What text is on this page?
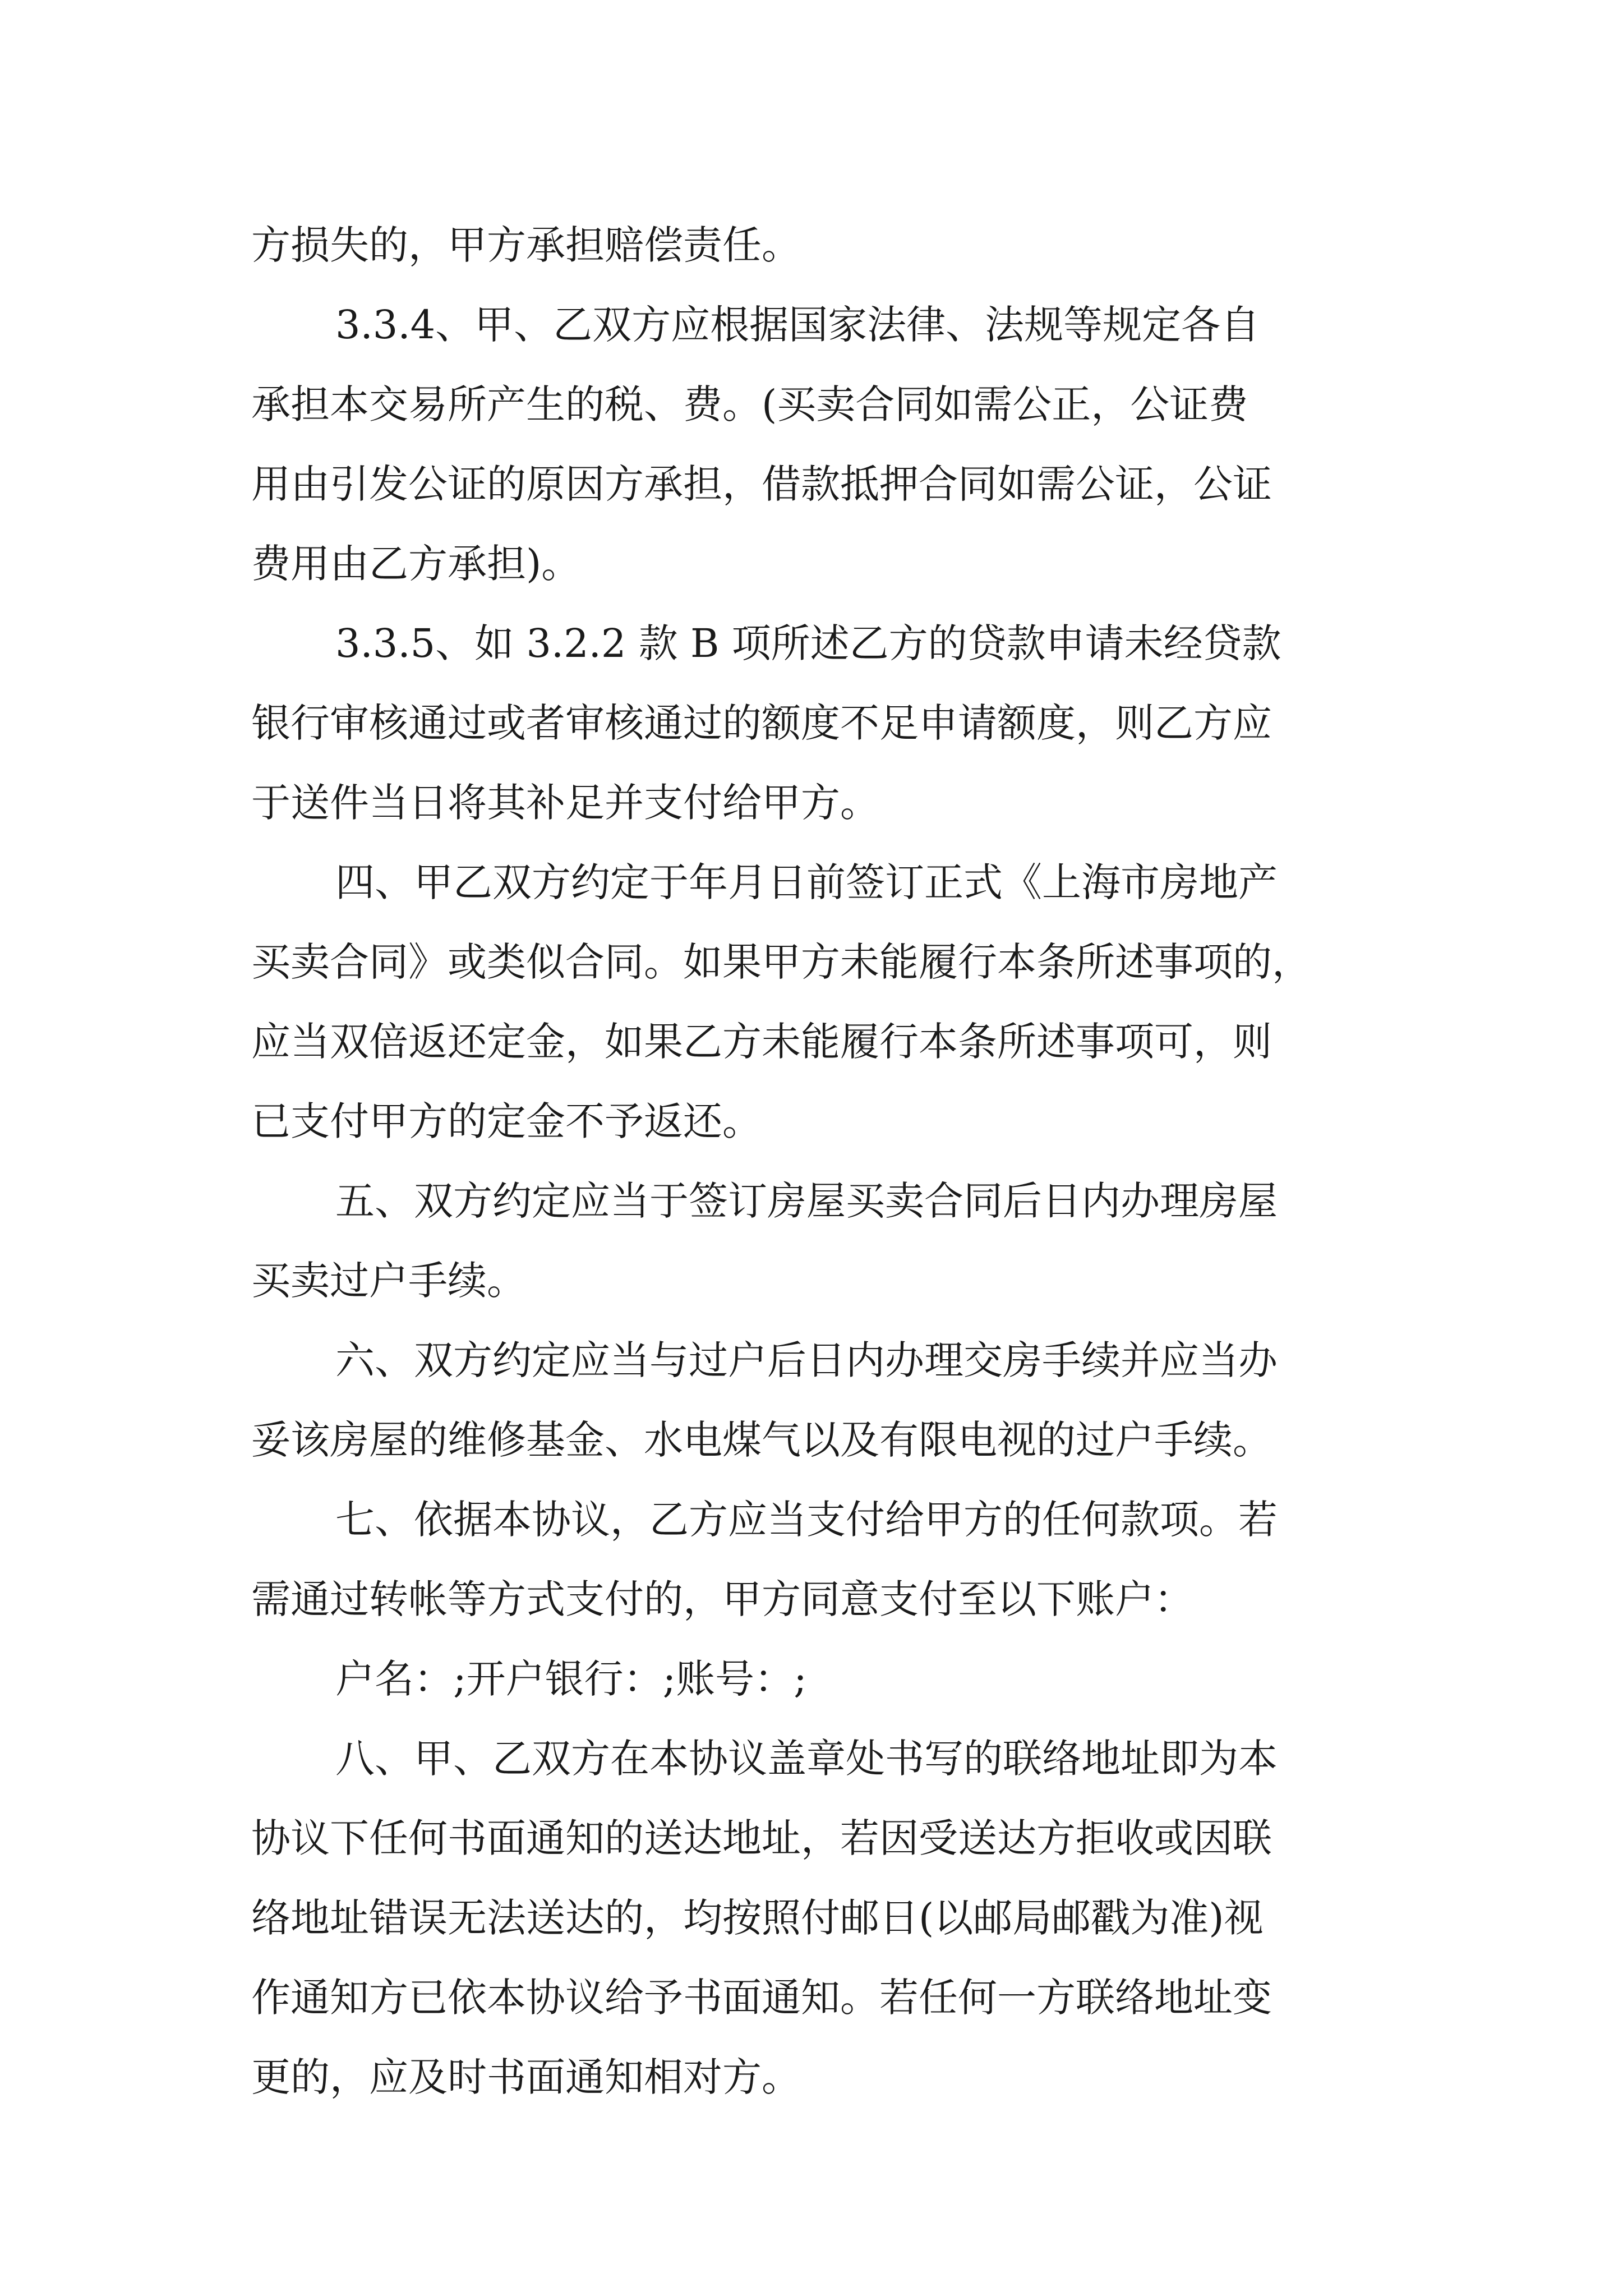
方损失的，甲方承担赔偿责任。
3.3.4、甲、乙双方应根据国家法律、法规等规定各自
承担本交易所产生的税、费。(买卖合同如需公正，公证费
用由引发公证的原因方承担，借款抵押合同如需公证，公证
费用由乙方承担)。
3.3.5、如 3.2.2 款 B 项所述乙方的贷款申请未经贷款
银行审核通过或者审核通过的额度不足申请额度，则乙方应
于送件当日将其补足并支付给甲方。
四、甲乙双方约定于年月日前签订正式《上海市房地产
买卖合同》或类似合同。如果甲方未能履行本条所述事项的，
应当双倍返还定金，如果乙方未能履行本条所述事项可，则
已支付甲方的定金不予返还。
五、双方约定应当于签订房屋买卖合同后日内办理房屋
买卖过户手续。
六、双方约定应当与过户后日内办理交房手续并应当办
妥该房屋的维修基金、水电煤气以及有限电视的过户手续。
七、依据本协议，乙方应当支付给甲方的任何款项。若
需通过转帐等方式支付的，甲方同意支付至以下账户：
户名：;开户银行：;账号：;
八、甲、乙双方在本协议盖章处书写的联络地址即为本
协议下任何书面通知的送达地址，若因受送达方拒收或因联
络地址错误无法送达的，均按照付邮日(以邮局邮戳为准)视
作通知方已依本协议给予书面通知。若任何一方联络地址变
更的，应及时书面通知相对方。
